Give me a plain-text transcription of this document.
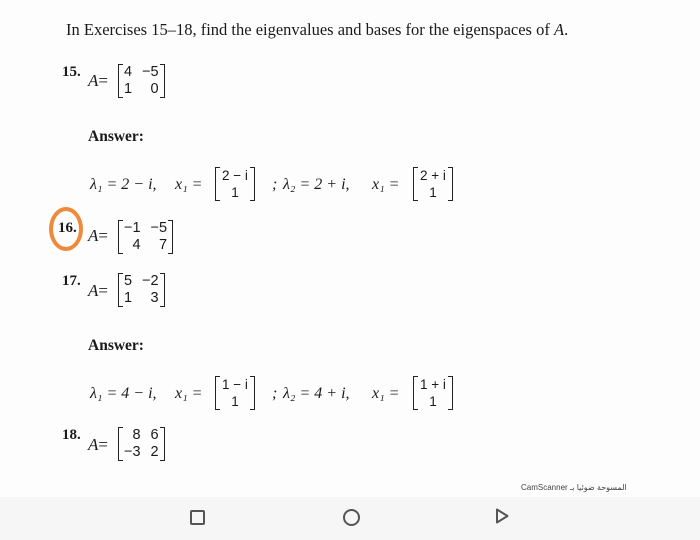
In Exercises 15–18, find the eigenvalues and bases for the eigenspaces of A.
15. A= 4 −5
1	0
Answer:
λ₁ = 2 − i, x₁ =
2 − i
1 ; λ₂ = 2 + i, x₁ =
2 + i
1
16. A= −1 −5
4	7
17. A= 5 −2
1	3
Answer:
λ₁ = 4 − i, x₁ =
1 − i
1 ; λ₂ = 4 + i, x₁ =
1 + i
1
18. A=	8 6
−3 2
CamScanner المسوحة ضوئيا بـ
